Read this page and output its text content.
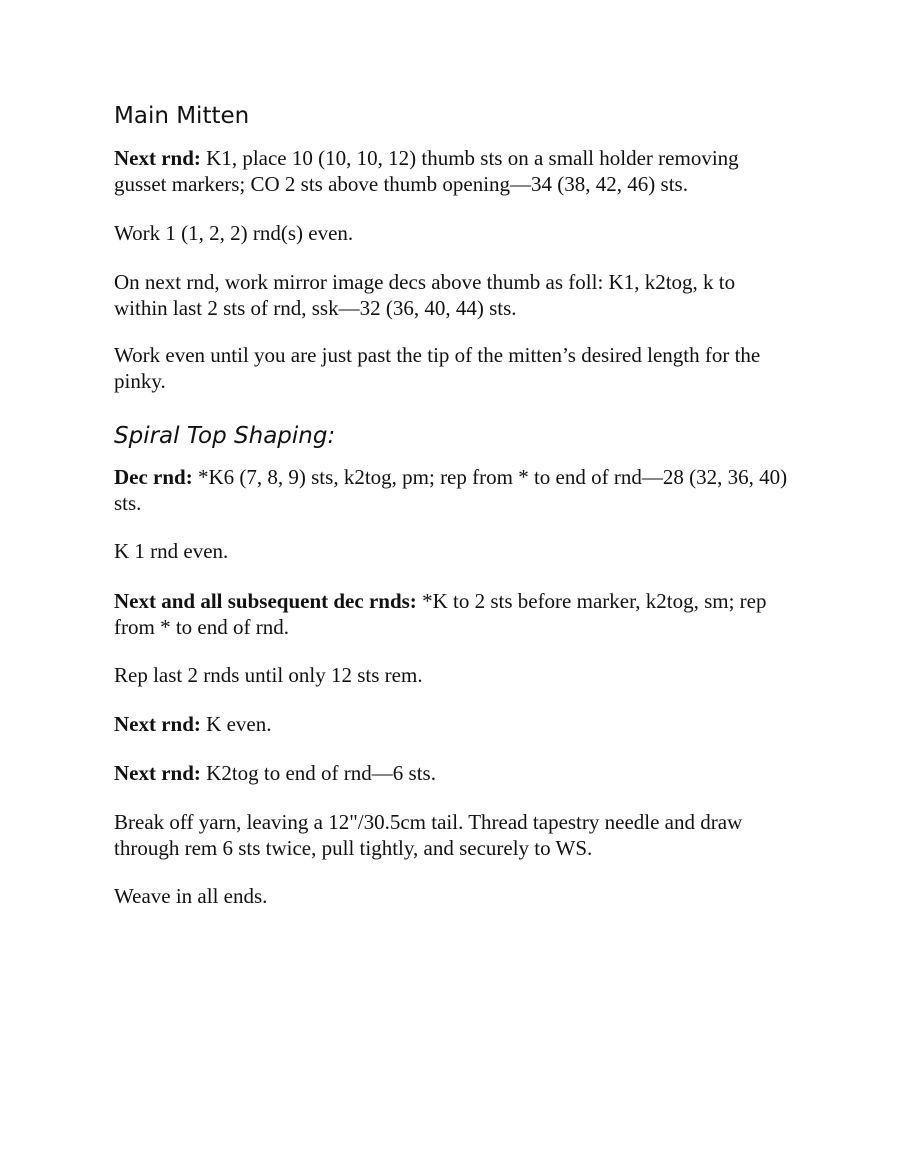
Main Mitten

Next rnd: K1, place 10 (10, 10, 12) thumb sts on a small holder removing gusset markers; CO 2 sts above thumb opening—34 (38, 42, 46) sts.

Work 1 (1, 2, 2) rnd(s) even.

On next rnd, work mirror image decs above thumb as foll: K1, k2tog, k to within last 2 sts of rnd, ssk—32 (36, 40, 44) sts.

Work even until you are just past the tip of the mitten’s desired length for the pinky.

Spiral Top Shaping:

Dec rnd: *K6 (7, 8, 9) sts, k2tog, pm; rep from * to end of rnd—28 (32, 36, 40) sts.

K 1 rnd even.

Next and all subsequent dec rnds: *K to 2 sts before marker, k2tog, sm; rep from * to end of rnd.

Rep last 2 rnds until only 12 sts rem.

Next rnd: K even.

Next rnd: K2tog to end of rnd—6 sts.

Break off yarn, leaving a 12"/30.5cm tail. Thread tapestry needle and draw through rem 6 sts twice, pull tightly, and securely to WS.

Weave in all ends.
